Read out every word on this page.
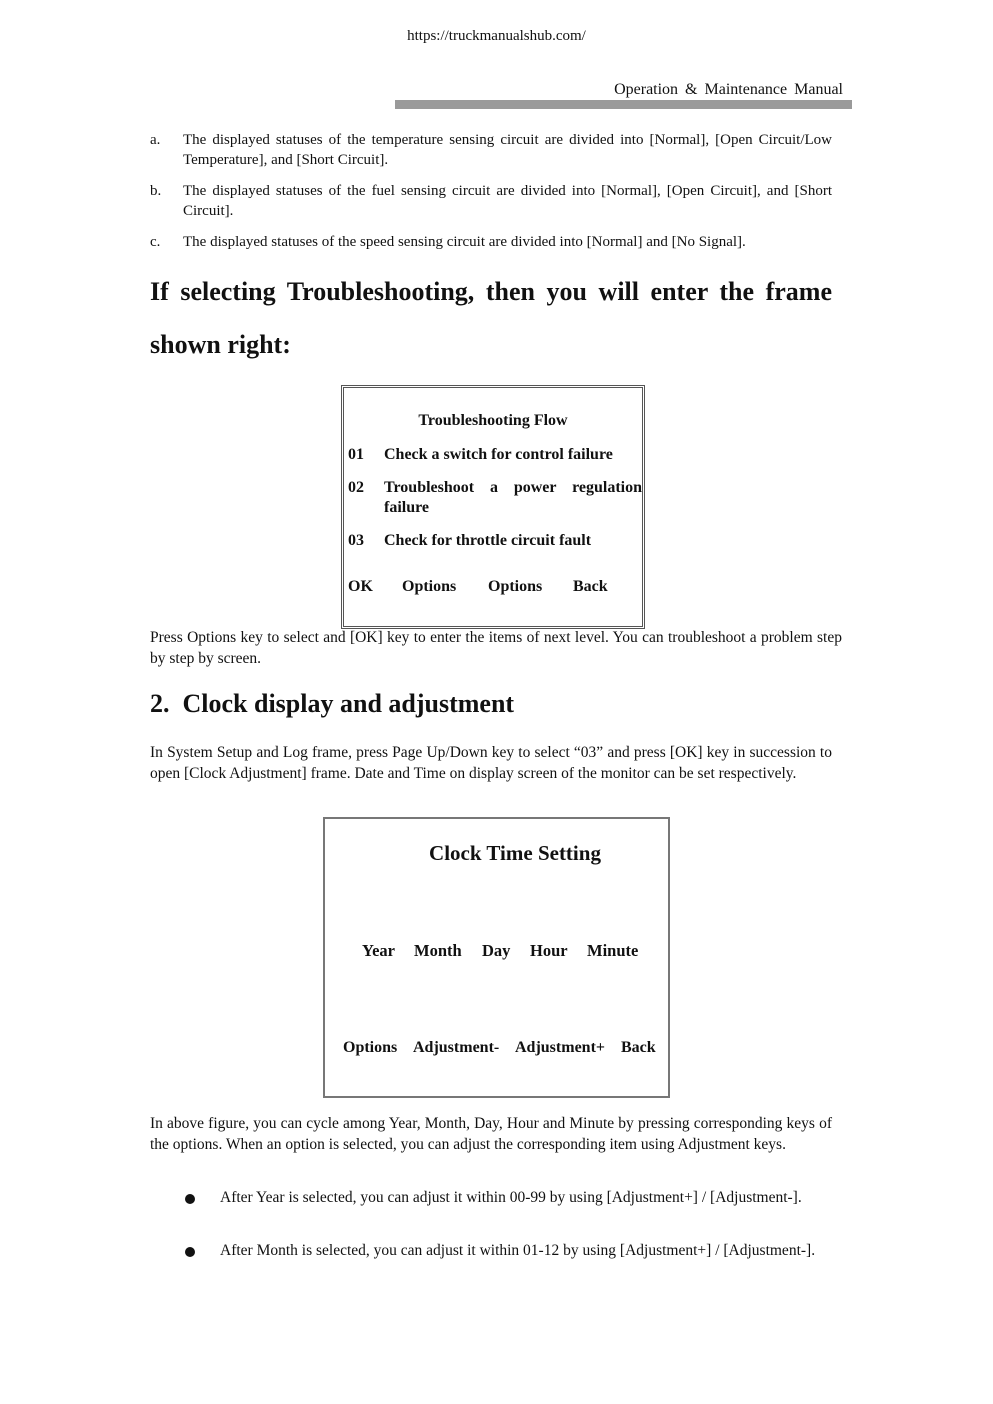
https://truckmanualshub.com/
Operation & Maintenance Manual
a. The displayed statuses of the temperature sensing circuit are divided into [Normal], [Open Circuit/Low Temperature], and [Short Circuit].
b. The displayed statuses of the fuel sensing circuit are divided into [Normal], [Open Circuit], and [Short Circuit].
c. The displayed statuses of the speed sensing circuit are divided into [Normal] and [No Signal].
If selecting Troubleshooting, then you will enter the frame
shown right:
Troubleshooting Flow
01 Check a switch for control failure
02 Troubleshoot a power regulation failure
03 Check for throttle circuit fault
OK Options Options Back
Press Options key to select and [OK] key to enter the items of next level. You can troubleshoot a problem step by step by screen.
2. Clock display and adjustment
In System Setup and Log frame, press Page Up/Down key to select “03” and press [OK] key in succession to open [Clock Adjustment] frame. Date and Time on display screen of the monitor can be set respectively.
Clock Time Setting
Year Month Day Hour Minute
Options Adjustment- Adjustment+ Back
In above figure, you can cycle among Year, Month, Day, Hour and Minute by pressing corresponding keys of the options. When an option is selected, you can adjust the corresponding item using Adjustment keys.
After Year is selected, you can adjust it within 00-99 by using [Adjustment+] / [Adjustment-].
After Month is selected, you can adjust it within 01-12 by using [Adjustment+] / [Adjustment-].
